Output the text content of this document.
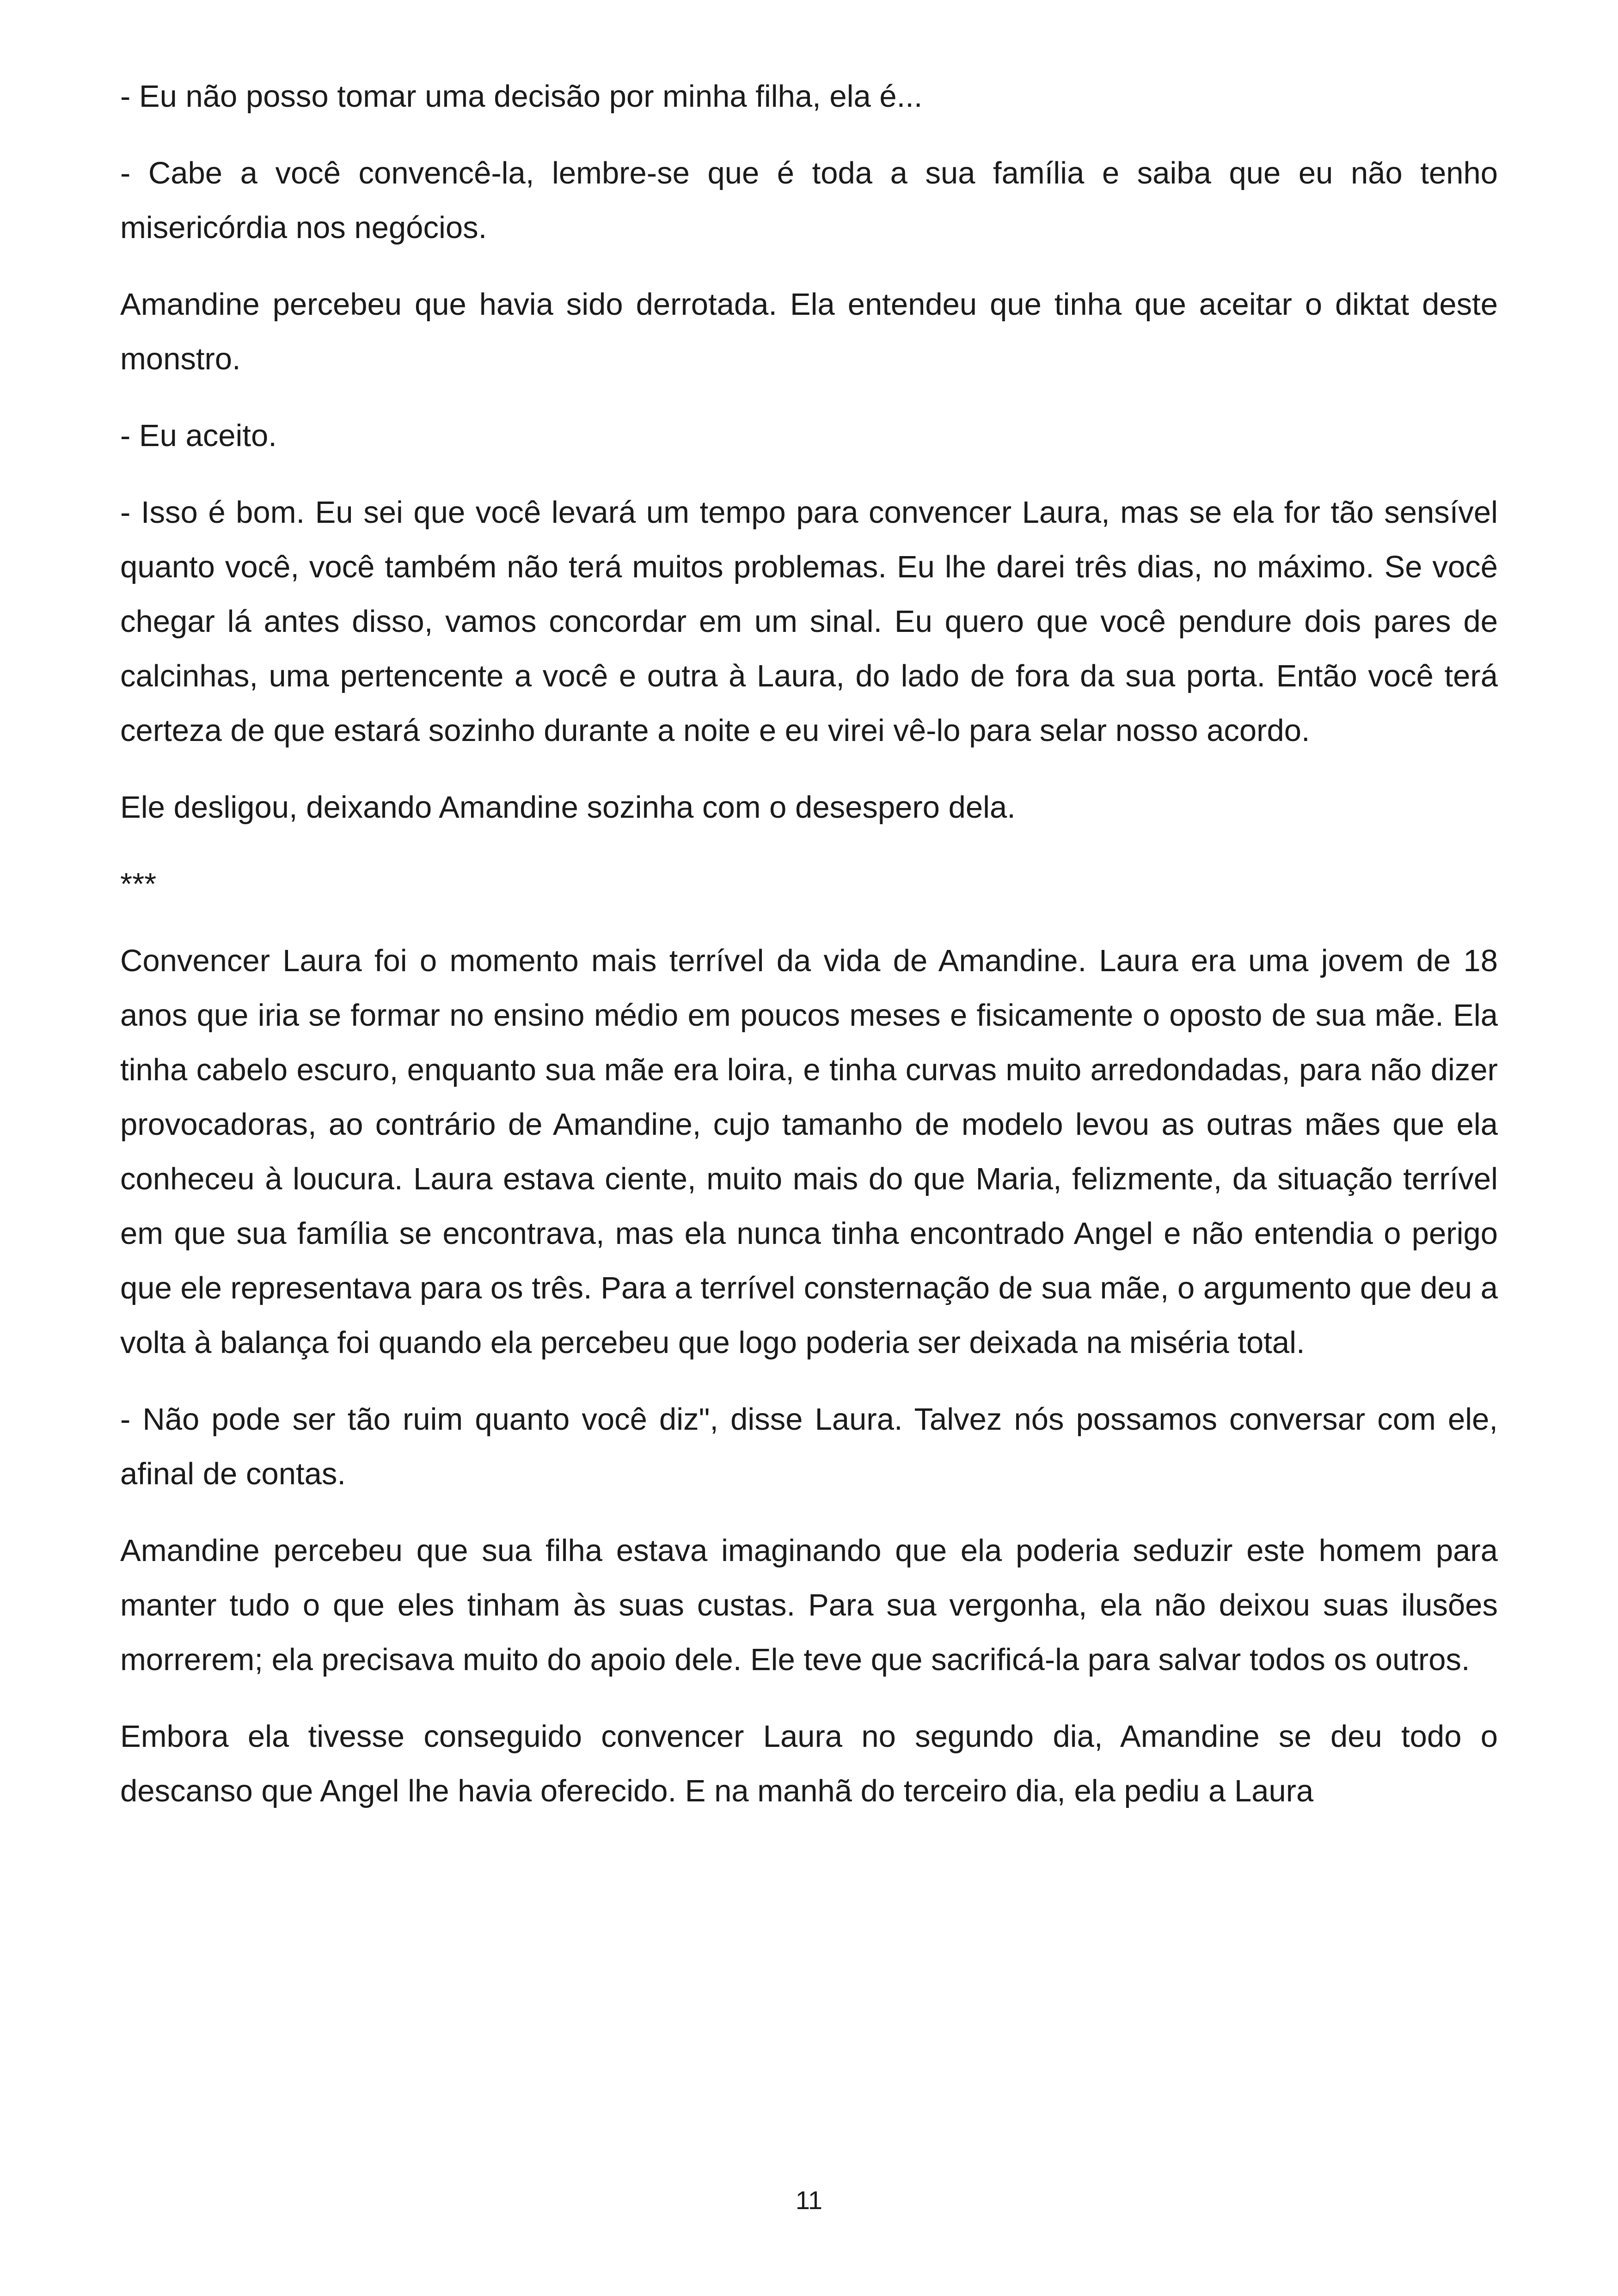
- Eu não posso tomar uma decisão por minha filha, ela é...

- Cabe a você convencê-la, lembre-se que é toda a sua família e saiba que eu não tenho misericórdia nos negócios.

Amandine percebeu que havia sido derrotada. Ela entendeu que tinha que aceitar o diktat deste monstro.

- Eu aceito.

- Isso é bom. Eu sei que você levará um tempo para convencer Laura, mas se ela for tão sensível quanto você, você também não terá muitos problemas. Eu lhe darei três dias, no máximo. Se você chegar lá antes disso, vamos concordar em um sinal. Eu quero que você pendure dois pares de calcinhas, uma pertencente a você e outra à Laura, do lado de fora da sua porta. Então você terá certeza de que estará sozinho durante a noite e eu virei vê-lo para selar nosso acordo.

Ele desligou, deixando Amandine sozinha com o desespero dela.

***

Convencer Laura foi o momento mais terrível da vida de Amandine. Laura era uma jovem de 18 anos que iria se formar no ensino médio em poucos meses e fisicamente o oposto de sua mãe. Ela tinha cabelo escuro, enquanto sua mãe era loira, e tinha curvas muito arredondadas, para não dizer provocadoras, ao contrário de Amandine, cujo tamanho de modelo levou as outras mães que ela conheceu à loucura. Laura estava ciente, muito mais do que Maria, felizmente, da situação terrível em que sua família se encontrava, mas ela nunca tinha encontrado Angel e não entendia o perigo que ele representava para os três. Para a terrível consternação de sua mãe, o argumento que deu a volta à balança foi quando ela percebeu que logo poderia ser deixada na miséria total.

- Não pode ser tão ruim quanto você diz", disse Laura. Talvez nós possamos conversar com ele, afinal de contas.

Amandine percebeu que sua filha estava imaginando que ela poderia seduzir este homem para manter tudo o que eles tinham às suas custas. Para sua vergonha, ela não deixou suas ilusões morrerem; ela precisava muito do apoio dele. Ele teve que sacrificá-la para salvar todos os outros.

Embora ela tivesse conseguido convencer Laura no segundo dia, Amandine se deu todo o descanso que Angel lhe havia oferecido. E na manhã do terceiro dia, ela pediu a Laura

11
